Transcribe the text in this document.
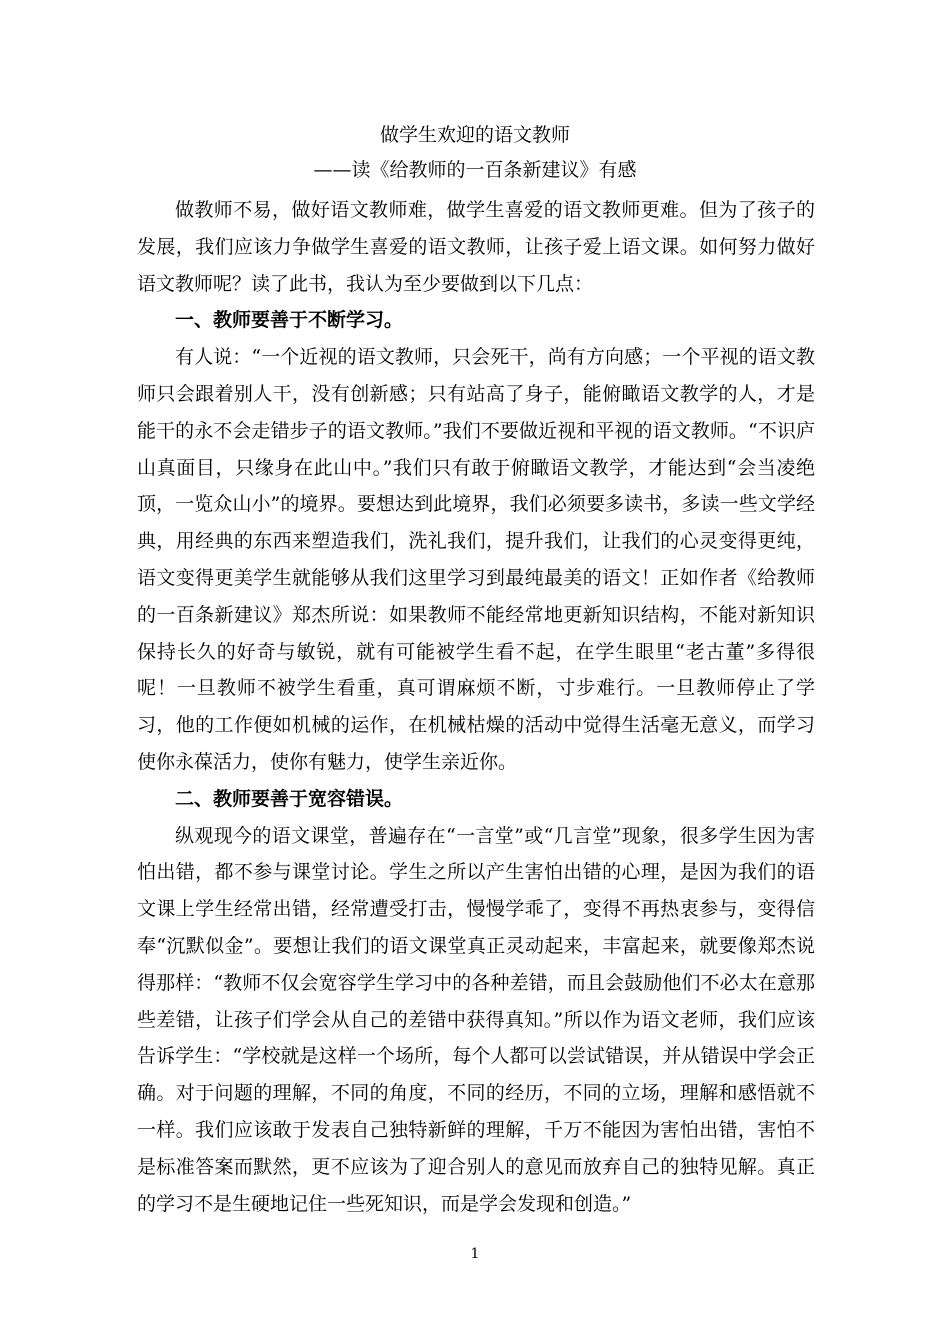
做学生欢迎的语文教师
——读《给教师的一百条新建议》有感

做教师不易，做好语文教师难，做学生喜爱的语文教师更难。但为了孩子的发展，我们应该力争做学生喜爱的语文教师，让孩子爱上语文课。如何努力做好语文教师呢？读了此书，我认为至少要做到以下几点：

一、教师要善于不断学习。

有人说：“一个近视的语文教师，只会死干，尚有方向感；一个平视的语文教师只会跟着别人干，没有创新感；只有站高了身子，能俯瞰语文教学的人，才是能干的永不会走错步子的语文教师。”我们不要做近视和平视的语文教师。“不识庐山真面目，只缘身在此山中。”我们只有敢于俯瞰语文教学，才能达到“会当凌绝顶，一览众山小”的境界。要想达到此境界，我们必须要多读书，多读一些文学经典，用经典的东西来塑造我们，洗礼我们，提升我们，让我们的心灵变得更纯，语文变得更美学生就能够从我们这里学习到最纯最美的语文！正如作者《给教师的一百条新建议》郑杰所说：如果教师不能经常地更新知识结构，不能对新知识保持长久的好奇与敏锐，就有可能被学生看不起，在学生眼里“老古董”多得很呢！一旦教师不被学生看重，真可谓麻烦不断，寸步难行。一旦教师停止了学习，他的工作便如机械的运作，在机械枯燥的活动中觉得生活毫无意义，而学习使你永葆活力，使你有魅力，使学生亲近你。

二、教师要善于宽容错误。

纵观现今的语文课堂，普遍存在“一言堂”或“几言堂”现象，很多学生因为害怕出错，都不参与课堂讨论。学生之所以产生害怕出错的心理，是因为我们的语文课上学生经常出错，经常遭受打击，慢慢学乖了，变得不再热衷参与，变得信奉“沉默似金”。要想让我们的语文课堂真正灵动起来，丰富起来，就要像郑杰说得那样：“教师不仅会宽容学生学习中的各种差错，而且会鼓励他们不必太在意那些差错，让孩子们学会从自己的差错中获得真知。”所以作为语文老师，我们应该告诉学生：“学校就是这样一个场所，每个人都可以尝试错误，并从错误中学会正确。对于问题的理解，不同的角度，不同的经历，不同的立场，理解和感悟就不一样。我们应该敢于发表自己独特新鲜的理解，千万不能因为害怕出错，害怕不是标准答案而默然，更不应该为了迎合别人的意见而放弃自己的独特见解。真正的学习不是生硬地记住一些死知识，而是学会发现和创造。”

1
